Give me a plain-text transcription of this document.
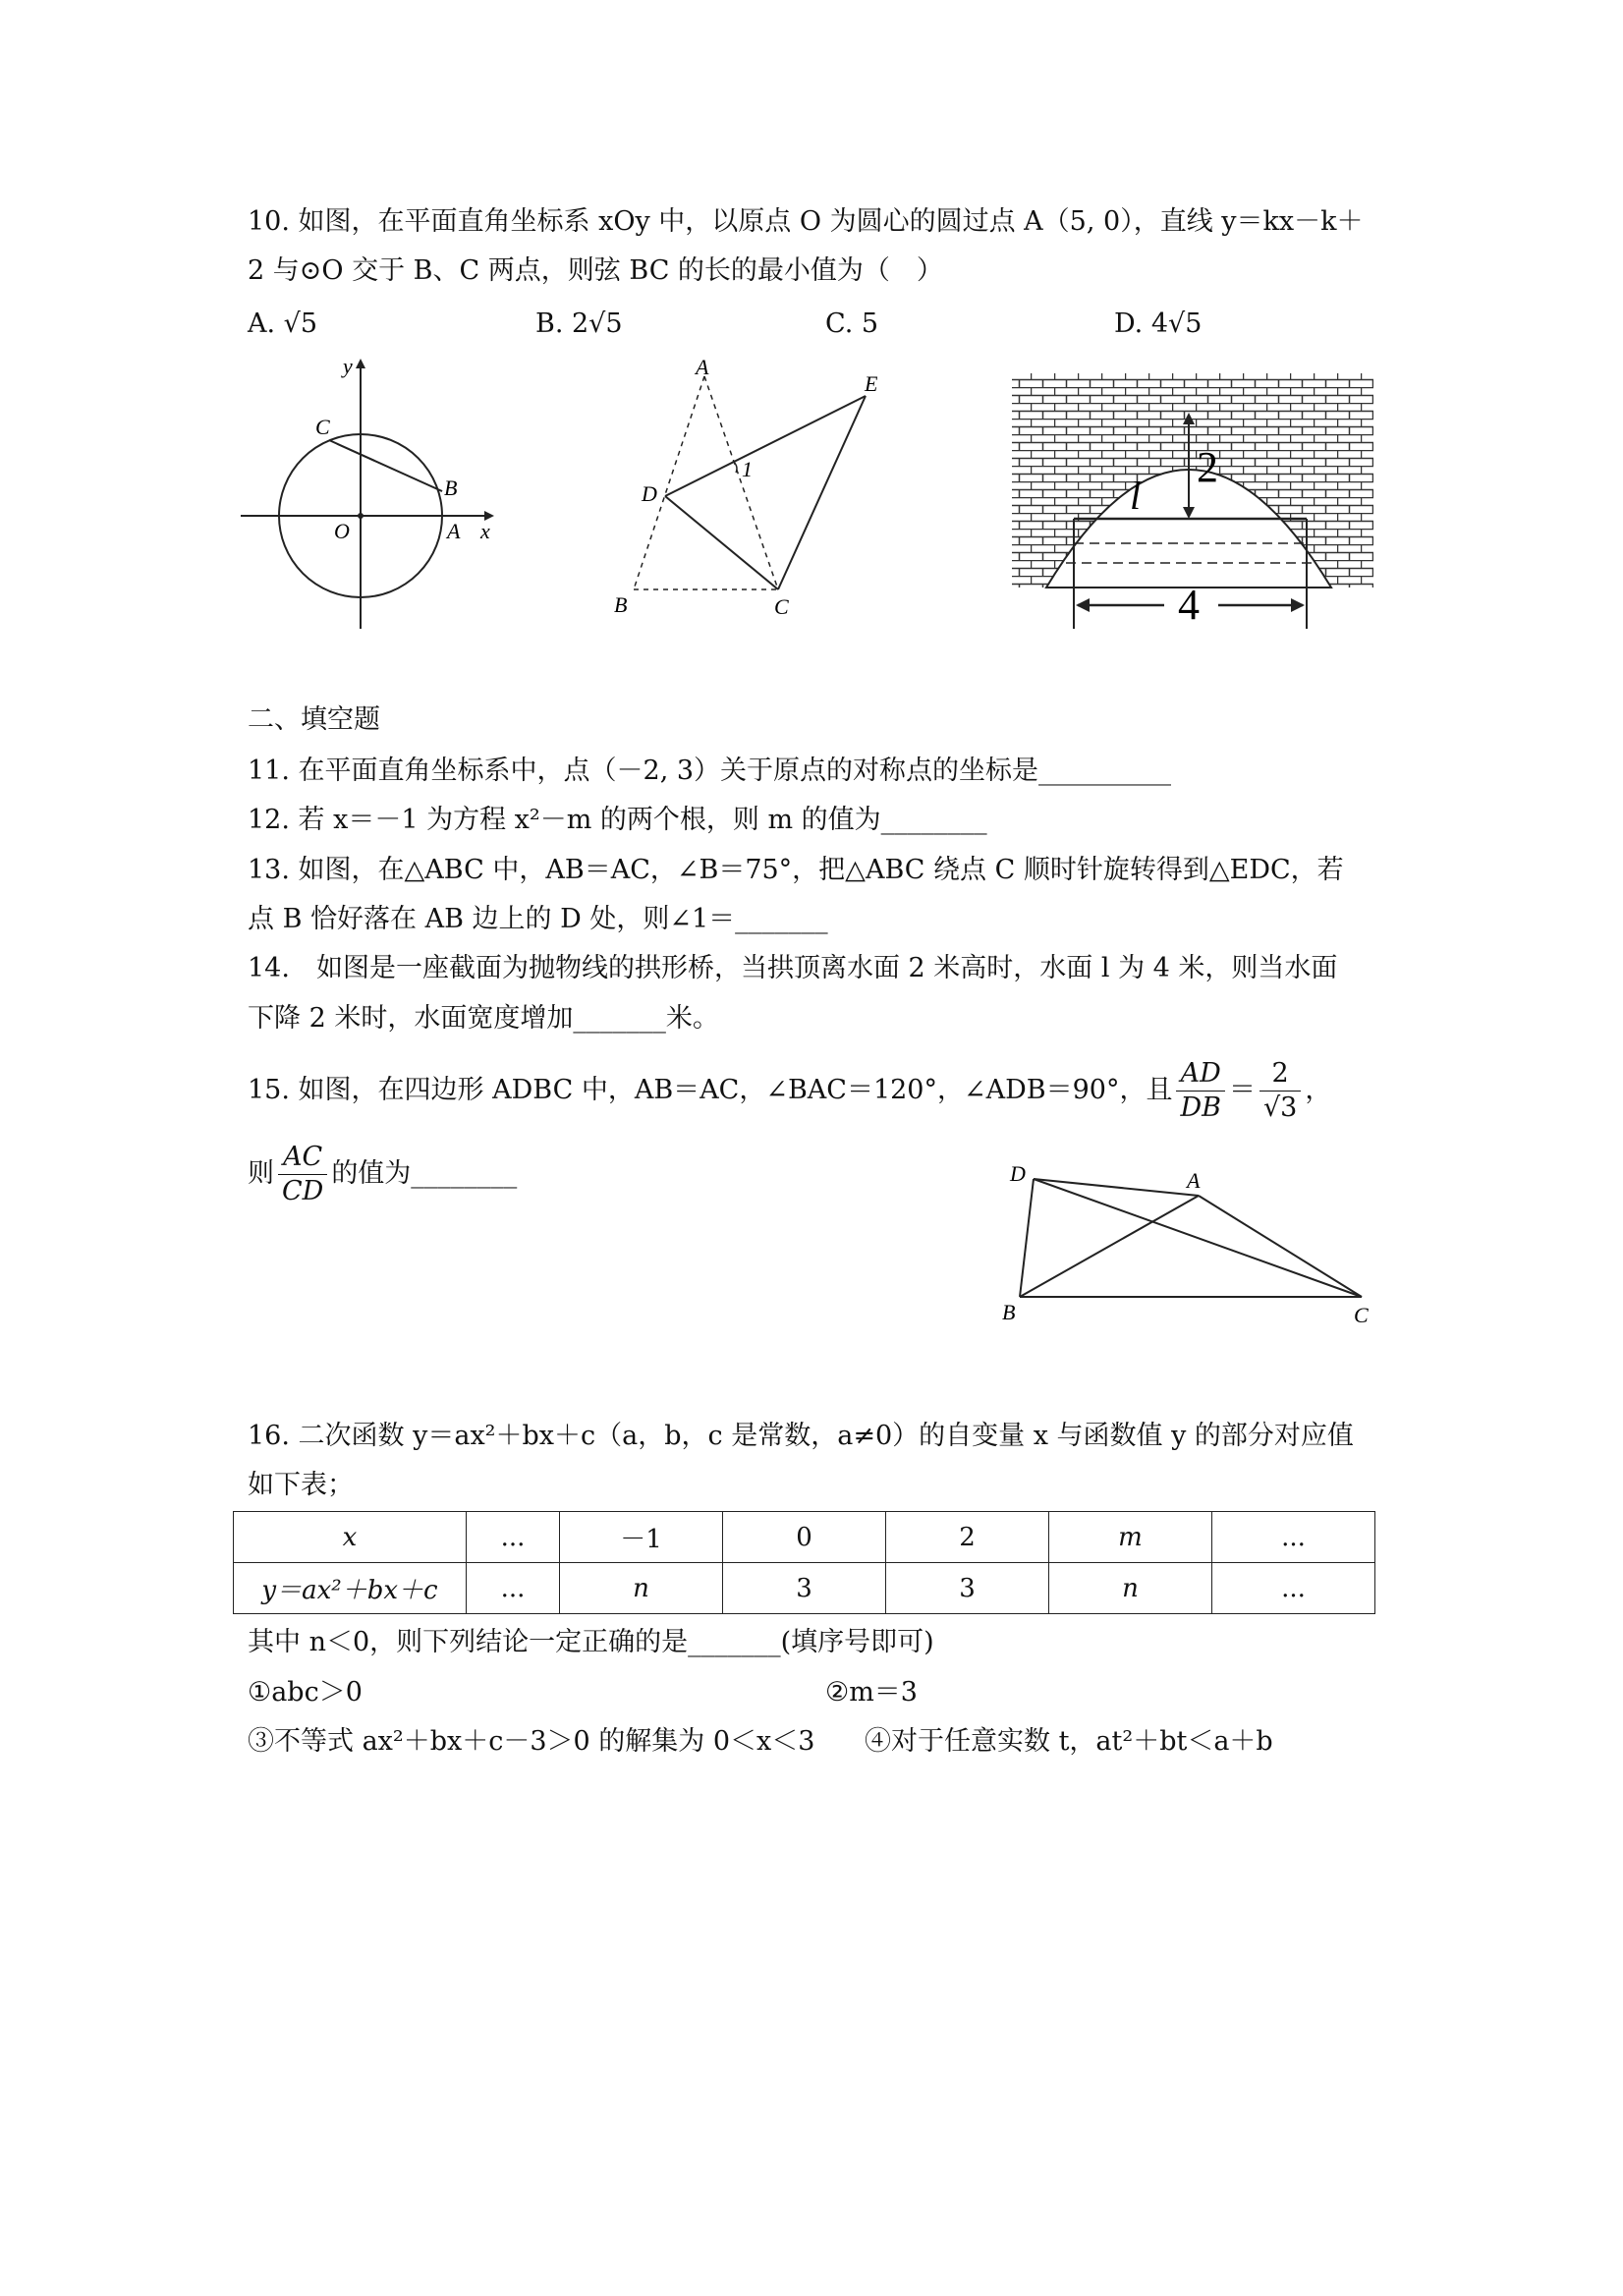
10. 如图，在平面直角坐标系 xOy 中，以原点 O 为圆心的圆过点 A（5, 0），直线 y＝kx－k＋
2 与⊙O 交于 B、C 两点，则弦 BC 的长的最小值为（　）
A. √5	B. 2√5	C. 5	D. 4√5
y
C
B
O	A x
A
E
D
1
B	C
2
l
4
二、填空题
11. 在平面直角坐标系中，点（－2, 3）关于原点的对称点的坐标是__________
12. 若 x＝－1 为方程 x²－m 的两个根，则 m 的值为________
13. 如图，在△ABC 中，AB＝AC，∠B＝75°，把△ABC 绕点 C 顺时针旋转得到△EDC，若
点 B 恰好落在 AB 边上的 D 处，则∠1＝_______
14.　如图是一座截面为抛物线的拱形桥，当拱顶离水面 2 米高时，水面 l 为 4 米，则当水面
下降 2 米时，水面宽度增加_______米。
15. 如图，在四边形 ADBC 中，AB＝AC，∠BAC＝120°，∠ADB＝90°，且 $\frac{AD}{DB} = \frac{2}{√3}$ ，
则 $\frac{AC}{CD}$ 的值为________	D	A
B	C
16. 二次函数 y＝ax²＋bx＋c（a，b，c 是常数，a≠0）的自变量 x 与函数值 y 的部分对应值
如下表；
x	...	－1	0	2	m	...
y＝ax²＋bx＋c	...	n	3	3	n	...
其中 n＜0，则下列结论一定正确的是_______(填序号即可)
①abc＞0	②m＝3
③不等式 ax²＋bx＋c－3＞0 的解集为 0＜x＜3 ④对于任意实数 t，at²＋bt＜a＋b
